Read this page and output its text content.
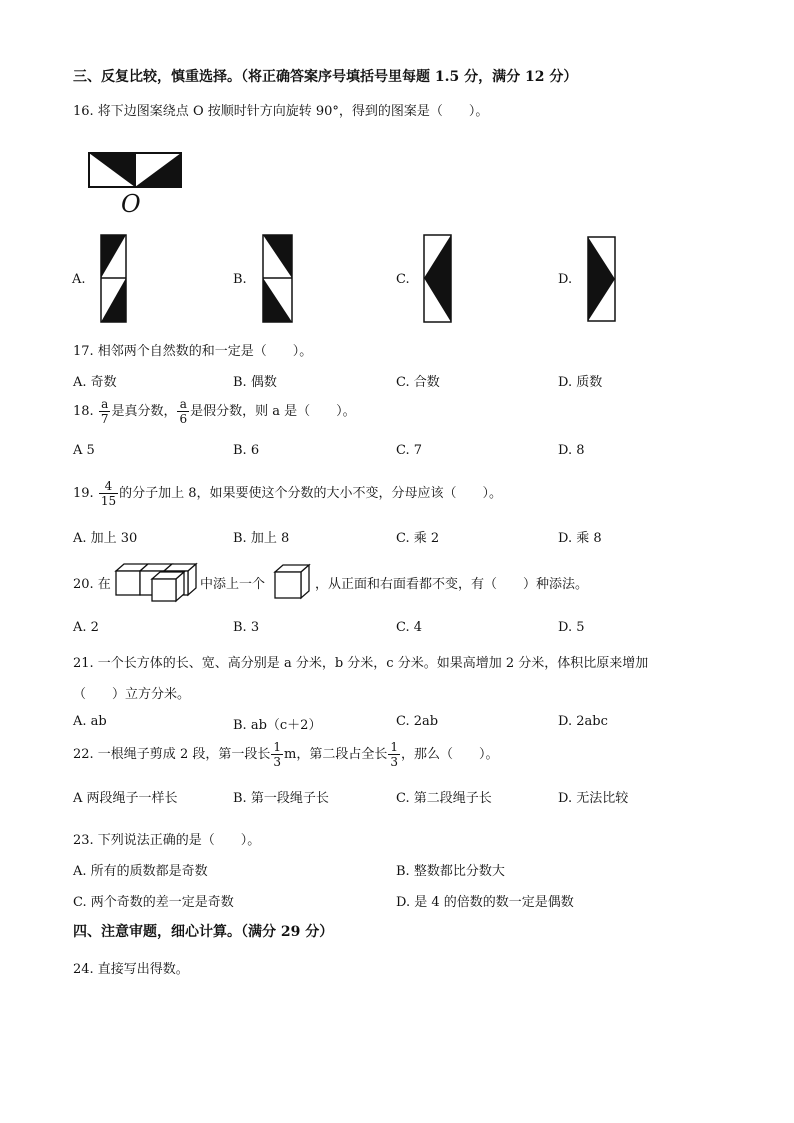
三、反复比较，慎重选择。（将正确答案序号填括号里每题 1.5 分，满分 12 分）
16. 将下边图案绕点 O 按顺时针方向旋转 90°，得到的图案是（　　）。
O
A.	B.	C.	D.
17. 相邻两个自然数的和一定是（　　）。
A. 奇数	B. 偶数	C. 合数	D. 质数
18. $\frac{a}{7}$ 是真分数， $\frac{a}{6}$ 是假分数，则 a 是（　　）。
A 5	B. 6	C. 7	D. 8
19. $\frac{4}{15}$ 的分子加上 8，如果要使这个分数的大小不变，分母应该（　　）。
A. 加上 30	B. 加上 8	C. 乘 2	D. 乘 8
20. 在	中添上一个	，从正面和右面看都不变，有（　　）种添法。
A. 2	B. 3	C. 4	D. 5
21. 一个长方体的长、宽、高分别是 a 分米，b 分米，c 分米。如果高增加 2 分米，体积比原来增加
（　　）立方分米。
A. ab	B. ab（c＋2）	C. 2ab	D. 2abc
22. 一根绳子剪成 2 段，第一段长 $\frac{1}{3}$ m，第二段占全长 $\frac{1}{3}$ ，那么（　　）。
A 两段绳子一样长	B. 第一段绳子长	C. 第二段绳子长	D. 无法比较
23. 下列说法正确的是（　　）。
A. 所有的质数都是奇数	B. 整数都比分数大
C. 两个奇数的差一定是奇数	D. 是 4 的倍数的数一定是偶数
四、注意审题，细心计算。（满分 29 分）
24. 直接写出得数。
